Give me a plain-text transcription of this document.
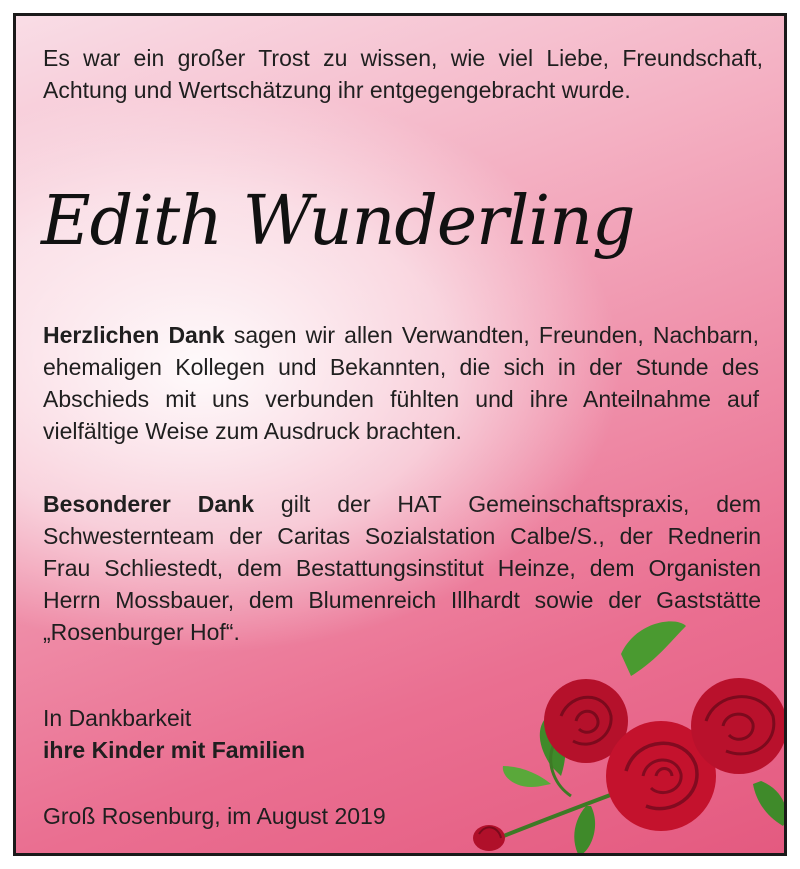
Es war ein großer Trost zu wissen, wie viel Liebe, Freundschaft, Achtung und Wertschätzung ihr entgegengebracht wurde.
Edith Wunderling
Herzlichen Dank sagen wir allen Verwandten, Freunden, Nachbarn, ehemaligen Kollegen und Bekannten, die sich in der Stunde des Abschieds mit uns verbunden fühlten und ihre Anteilnahme auf vielfältige Weise zum Ausdruck brachten.
Besonderer Dank gilt der HAT Gemeinschaftspraxis, dem Schwesternteam der Caritas Sozialstation Calbe/S., der Rednerin Frau Schliestedt, dem Bestattungsinstitut Heinze, dem Organisten Herrn Mossbauer, dem Blumenreich Illhardt sowie der Gaststätte „Rosenburger Hof“.
In Dankbarkeit
ihre Kinder mit Familien
Groß Rosenburg, im August 2019
